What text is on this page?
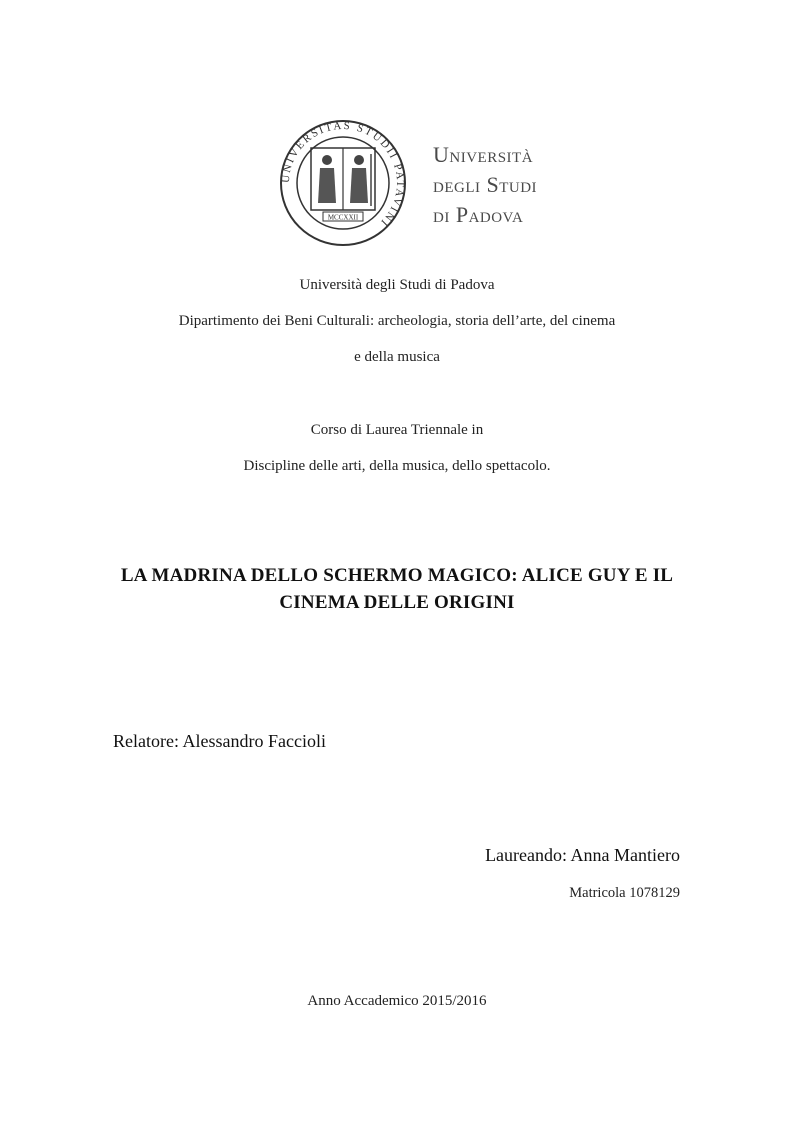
UNIVERSITAS STUDII PATAVINI
MCCXXII
Università
degli Studi
di Padova
Università degli Studi di Padova
Dipartimento dei Beni Culturali: archeologia, storia dell’arte, del cinema
e della musica
Corso di Laurea Triennale in
Discipline delle arti, della musica, dello spettacolo.
LA MADRINA DELLO SCHERMO MAGICO: ALICE GUY E IL
CINEMA DELLE ORIGINI
Relatore: Alessandro Faccioli
Laureando: Anna Mantiero
Matricola 1078129
Anno Accademico 2015/2016
